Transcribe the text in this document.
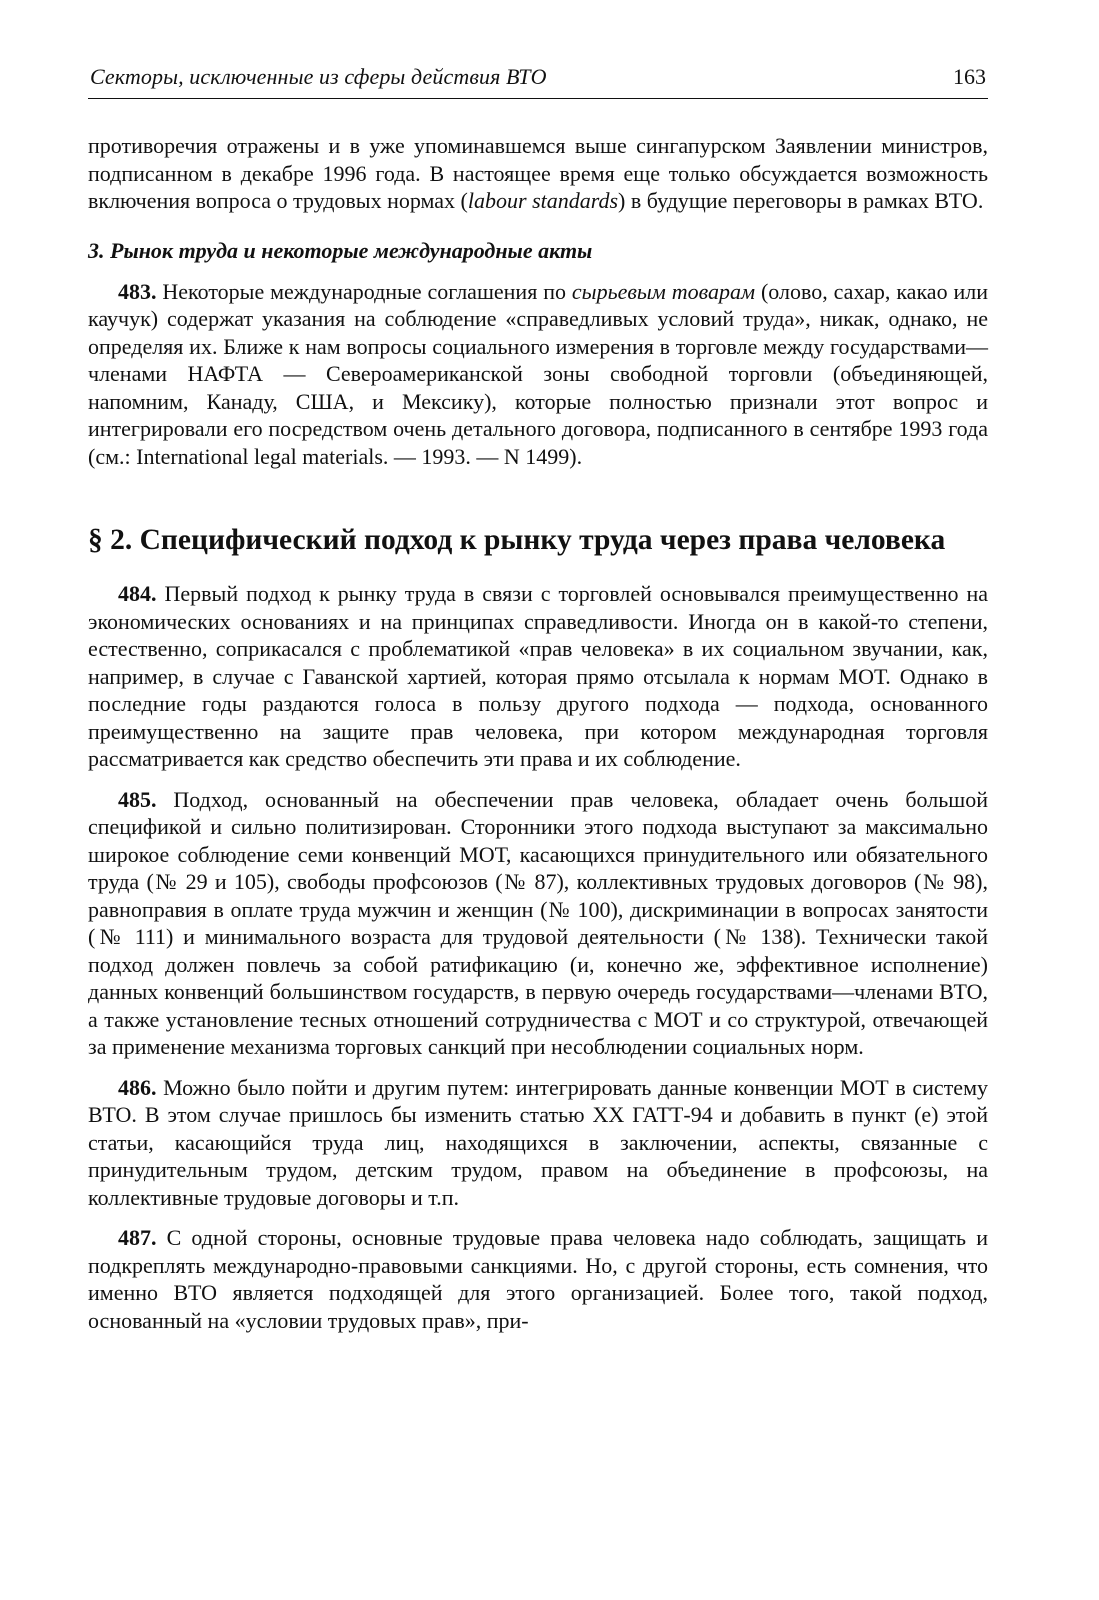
Секторы, исключенные из сферы действия ВТО	163

противоречия отражены и в уже упоминавшемся выше сингапурском Заявлении министров, подписанном в декабре 1996 года. В настоящее время еще только обсуждается возможность включения вопроса о трудовых нормах (labour standards) в будущие переговоры в рамках ВТО.

3. Рынок труда и некоторые международные акты

483. Некоторые международные соглашения по сырьевым товарам (олово, сахар, какао или каучук) содержат указания на соблюдение «справедливых условий труда», никак, однако, не определяя их. Ближе к нам вопросы социального измерения в торговле между государствами—членами НАФТА — Североамериканской зоны свободной торговли (объединяющей, напомним, Канаду, США, и Мексику), которые полностью признали этот вопрос и интегрировали его посредством очень детального договора, подписанного в сентябре 1993 года (см.: International legal materials. — 1993. — N 1499).

§ 2. Специфический подход к рынку труда через права человека

484. Первый подход к рынку труда в связи с торговлей основывался преимущественно на экономических основаниях и на принципах справедливости. Иногда он в какой-то степени, естественно, соприкасался с проблематикой «прав человека» в их социальном звучании, как, например, в случае с Гаванской хартией, которая прямо отсылала к нормам МОТ. Однако в последние годы раздаются голоса в пользу другого подхода — подхода, основанного преимущественно на защите прав человека, при котором международная торговля рассматривается как средство обеспечить эти права и их соблюдение.

485. Подход, основанный на обеспечении прав человека, обладает очень большой спецификой и сильно политизирован. Сторонники этого подхода выступают за максимально широкое соблюдение семи конвенций МОТ, касающихся принудительного или обязательного труда (№ 29 и 105), свободы профсоюзов (№ 87), коллективных трудовых договоров (№ 98), равноправия в оплате труда мужчин и женщин (№ 100), дискриминации в вопросах занятости (№ 111) и минимального возраста для трудовой деятельности (№ 138). Технически такой подход должен повлечь за собой ратификацию (и, конечно же, эффективное исполнение) данных конвенций большинством государств, в первую очередь государствами—членами ВТО, а также установление тесных отношений сотрудничества с МОТ и со структурой, отвечающей за применение механизма торговых санкций при несоблюдении социальных норм.

486. Можно было пойти и другим путем: интегрировать данные конвенции МОТ в систему ВТО. В этом случае пришлось бы изменить статью XX ГАТТ-94 и добавить в пункт (е) этой статьи, касающийся труда лиц, находящихся в заключении, аспекты, связанные с принудительным трудом, детским трудом, правом на объединение в профсоюзы, на коллективные трудовые договоры и т.п.

487. С одной стороны, основные трудовые права человека надо соблюдать, защищать и подкреплять международно-правовыми санкциями. Но, с другой стороны, есть сомнения, что именно ВТО является подходящей для этого организацией. Более того, такой подход, основанный на «условии трудовых прав», при-
